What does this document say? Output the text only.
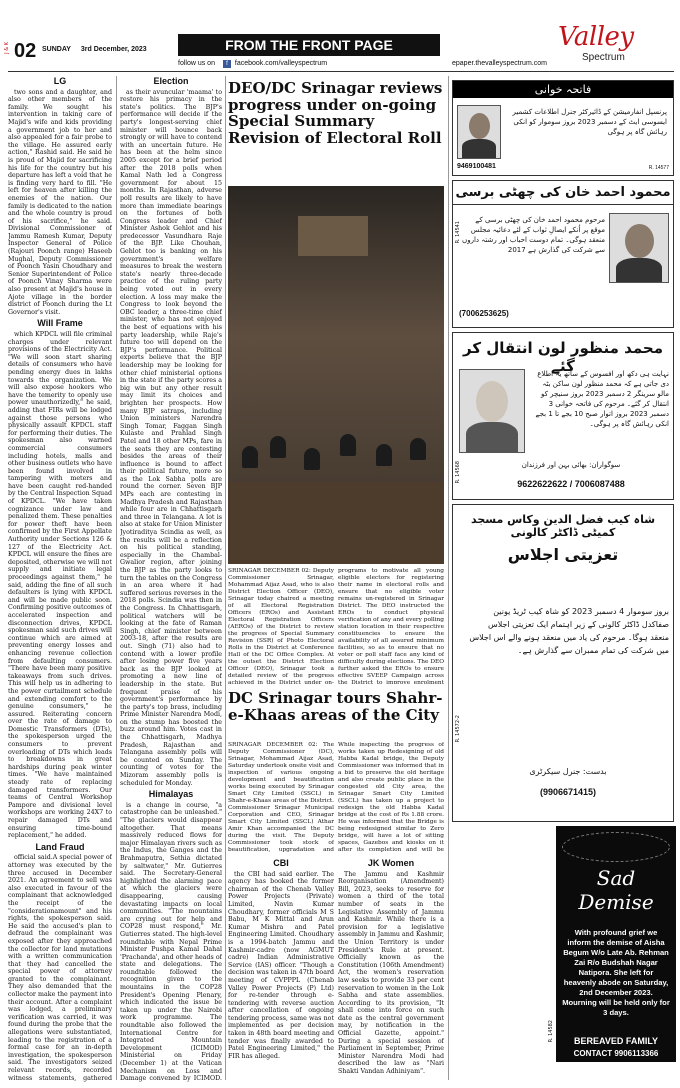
J & K 02 SUNDAY 3rd December, 2023	FROM THE FRONT PAGE
follow us on f facebook.com/valleyspectrum	epaper.thevalleyspectrum.com
Valley
Spectrum
LG

two sons and a daughter, and also other members of the family. We sought his intervention in taking care of Majid's wife and kids providing a government job to her and also appealed for a fair probe to the village. He assured early action," Rashid said. He said he is proud of Majid for sacrificing his life for the country but his departure has left a void that he is finding very hard to fill. "He left for heaven after killing the enemies of the nation. Our family is dedicated to the nation and the whole country is proud of his sacrifice," he said. Divisional Commissioner of Jammu Ramesh Kumar, Deputy Inspector General of Police (Rajouri Poonch range) Haseeb Mughal, Deputy Commissioner of Poonch Yasin Choudhary and Senior Superintendent of Police of Poonch Vinay Sharma were also present at Majid's house in Ajote village in the border district of Poonch during the Lt Governor's visit.

Will Frame

which KPDCL will file criminal charges under relevant provisions of the Electricity Act. "We will soon start sharing details of consumers who have pending energy dues in lakhs towards the organization. We will also expose hookers who have the temerity to openly use power unauthorizedly," he said, adding that FIRs will be lodged against those persons who physically assault KPDCL staff for performing their duties. The spokesman also warned commercial consumers including hotels, malls and other business outlets who have been found involved in tampering with meters and have been caught red-handed by the Central Inspection Squad of KPDCL. "We have taken cognizance under law and penalized them. These penalties for power theft have been confirmed by the First Appellate Authority under Sections 126 & 127 of the Electricity Act. KPDCL will ensure the fines are deposited, otherwise we will not supply and initiate legal proceedings against them," he said, adding the fine of all such defaulters is lying with KPDCL and will be made public soon. Confirming positive outcomes of accelerated inspection and disconnection drives, KPDCL spokesman said such drives will continue which are aimed at preventing energy losses and enhancing revenue collection from defaulting consumers. "There have been many positive takeaways from such drives. This will help us in adhering to the power curtailment schedule and extending comfort to the genuine consumers," he assured. Reiterating concern over the rate of damage to Domestic Transformers (DTs), the spokesperson urged the consumers to prevent overloading of DTs which leads to breakdowns in great hardships during peak winter times. "We have maintained steady rate of replacing damaged transformers. Our teams of Central Workshop Pampore and divisional level workshops are working 24X7 to repair damaged DTs and ensuring time-bound replacement," he added.

Land Fraud

official said.A special power of attorney was executed by the three accused in December 2021. An agreement to sell was also executed in favour of the complainant that acknowledged the receipt of the "considerationamount" and his rights, the spokesperson said. He said the accused's plan to defraud the complainant was exposed after they approached the collector for land mutations with a written communication that they had cancelled the special power of attorney granted to the complainant. They also demanded that the collector make the payment into their account. After a complaint was lodged, a preliminary verification was carried, it was found during the probe that the allegations were substantiated, leading to the registration of a formal case for an in-depth investigation, the spokesperson said. The investigators seized relevant records, recorded witness statements, gathered

Election

as their avuncular 'maama' to restore his primacy in the state's politics. The BJP's performance will decide if the party's longest-serving chief minister will bounce back strongly or will have to contend with an uncertain future. He has been at the helm since 2005 except for a brief period after the 2018 polls when Kamal Nath led a Congress government for about 15 months. In Rajasthan, adverse poll results are likely to have more than immediate bearings on the fortunes of both Congress leader and Chief Minister Ashok Gehlot and his predecessor Vasundhara Raje of the BJP. Like Chouhan, Gehlot too is banking on his government's welfare measures to break the western state's nearly three-decade practice of the ruling party being voted out in every election. A loss may make the Congress to look beyond the OBC leader, a three-time chief minister, who has not enjoyed the best of equations with his party leadership, while Raje's future too will depend on the BJP's performance. Political experts believe that the BJP leadership may be looking for other chief ministerial options in the state if the party scores a big win but any other result may limit its choices and brighten her prospects. How many BJP satraps, including Union ministers Narendra Singh Tomar, Faggan Singh Kulaste and Prahlad Singh Patel and 18 other MPs, fare in the seats they are contesting besides the areas of their influence is bound to affect their political future, more so as the Lok Sabha polls are round the corner. Seven BJP MPs each are contesting in Madhya Pradesh and Rajasthan while four are in Chhattisgarh and three in Telangana. A lot is also at stake for Union Minister Jyotiraditya Scindia as well, as the results will be a reflection on his political standing, especially in the Chambal-Gwalior region, after joining the BJP as the party looks to turn the tables on the Congress in an area where it had suffered serious reverses in the 2018 polls. Scindia was then in the Congress. In Chhattisgarh, political watchers will be looking at the fate of Raman Singh, chief minister between 2003-18, after the results are out. Singh (71) also had to contend with a lower profile after losing power five years back as the BJP looked at promoting a new line of leadership in the state. But frequent praise of his government's performance by the party's top brass, including Prime Minister Narendra Modi, on the stump has boosted the buzz around him. Votes cast in the Chhattisgarh, Madhya Pradesh, Rajasthan and Telangana assembly polls will be counted on Sunday. The counting of votes for the Mizoram assembly polls is scheduled for Monday.

Himalayas

is a change in course, "a catastrophe can be unleashed." "The glaciers would disappear altogether. That means massively reduced flows for major Himalayan rivers such as the Indus, the Ganges and the Brahmaputra, Sethia dictated by saltwater," Mr. Gutierres said. The Secretary-General highlighted the alarming pace at which the glaciers were disappearing, causing devastating impacts on local communities. "The mountains are crying out for help and COP28 must respond," Mr. Gutierres stated. The high-level roundtable with Nepal Prime Minister Pushpa Kamal Dahal 'Prachanda', and other heads of state and delegations. The roundtable followed the recognition given to the mountains in the COP28 President's Opening Plenary, which indicated the issue be taken up under the Nairobi work programme. The roundtable also followed the International Centre for Integrated Mountain Development (ICIMOD) Ministerial on Friday (December 1) at the Vatican Mechanism on Loss and Damage convened by ICIMOD.

DEO/DC Srinagar reviews progress under on-going Special Summary Revision of Electoral Roll
SRINAGAR DECEMBER 02: Deputy Commissioner Srinagar, Mohammad Aijaz Asad, who is also District Election Officer (DEO), Srinagar today chaired a meeting of all Electoral Registration Officers (EROs) and Assistant Electoral Registration Officers (AEROs) of the District to review the progress of Special Summary Revision (SSR) of Photo Electoral Rolls in the District at Conference Hall of the DC Office Complex. At the outset the District Election Officer (DEO), Srinagar took a detailed review of the progress achieved in the District under on-
programs to motivate all young eligible electors for registering their name in electoral rolls and ensure that no eligible voter remains un-registered in Srinagar District. The DEO instructed the EROs to conduct physical verification of any and every polling station location in their respective constituencies to ensure the availability of all assured minimum facilities, so as to ensure that no voter or poll staff face any kind of difficulty during elections. The DEO further asked the EROs to ensure effective SVEEP Campaign across the District to improve enrolment
DC Srinagar tours Shahr-e-Khaas areas of the City
SRINAGAR DECEMBER 02: The Deputy Commissioner (DC), Srinagar, Mohammad Aijaz Asad, Saturday undertook onsite visit and inspection of various ongoing development and beautification works being executed by Srinagar Smart City Limited (SSCL) in Shahr-e-Khaas areas of the District. Commissioner Srinagar Municipal Corporation and CEO, Srinagar Smart City Limited (SSCL) Athar Amir Khan accompanied the DC during the visit. The Deputy Commissioner took stock of beautification, upgradation and
While inspecting the progress of works taken up Redesigning of old Habba Kadal bridge, the Deputy Commissioner was informed that in a bid to preserve the old heritage and also create public place in the congested old City area, the Srinagar Smart City Limited (SSCL) has taken up a project to redesign the old Habba Kadal bridge at the cost of Rs 1.88 crore. He was informed that the Bridge is being redesigned similar to Zero bridge, will have a lot of sitting spaces, Gazebos and kiosks on it after its completion and will be
CBI

the CBI had said earlier. The agency has booked the former chairman of the Chenab Valley Power Projects (Private) Limited, Navin Kumar Choudhary, former officials M S Babu, M K Mittal and Arun Kumar Mishra and Patel Engineering Limited. Choudhary is a 1994-batch Jammu and Kashmir-cadre (now AGMUT cadre) Indian Administrative Service (IAS) officer. "Though a decision was taken in 47th board meeting of CVPPPL (Chenab Valley Power Projects (P) Ltd) for re-tender through e-tendering with reverse auction after cancellation of ongoing tendering process, same was not implemented as per decision taken in 48th board meeting and tender was finally awarded to Patel Engineering Limited," the FIR has alleged.

JK Women

The Jammu and Kashmir Reorganisation (Amendment) Bill, 2023, seeks to reserve for women a third of the total number of seats in the Legislative Assembly of Jammu and Kashmir. While there is a provision for a legislative assembly in Jammu and Kashmir, the Union Territory is under President's Rule at present. Officially known as the Constitution (106th Amendment) Act, the women's reservation law seeks to provide 33 per cent reservation to women in the Lok Sabha and state assemblies. According to its provision, "It shall come into force on such date as the central government may, by notification in the Official Gazette, appoint." During a special session of Parliament in September, Prime Minister Narendra Modi had described the law as "Nari Shakti Vandan Adhiniyam".

فاتحہ خوانی
پرنسپل انفارمیشن کے ڈائیرکٹر جنرل اطلاعات کشمیر ایسوسی ایٹ کے دسمبر 2023 بروز سوموار کو انکی رہائش گاہ پر ہوگی
9469100481	R. 14577
محمود احمد خان کی چھٹی برسی
مرحوم محمود احمد خان کی چھٹی برسی کے موقع پر اُنکے ایصالِ ثواب کے لئے دعائیہ مجلس منعقد ہوگی۔ تمام دوست احباب اور رشتہ داروں سے شرکت کی گذارش ہے 2017
(7006253625)
R. 14541
محمد منظور لون انتقال کر گئے
نہایت ہی دکھ اور افسوس کے ساتھ یہ اطلاع دی جاتی ہے کہ محمد منظور لون ساکن بٹہ مالو سرینگر 2 دسمبر 2023 بروز سنیچر کو انتقال کر گئے۔ مرحوم کی فاتحہ خوانی 3 دسمبر 2023 بروز اتوار صبح 10 بجے تا 1 بجے انکی رہائش گاہ پر ہوگی۔
سوگواران: بھائی بہن اور فرزندان
9622622622 / 7006087488
R. 14568
شاہ کیب فضل الدین وکاس مسجد کمیٹی ڈاکٹر کالونی
تعزیتی اجلاس
بروز سوموار 4 دسمبر 2023 کو شاہ کیب ٹریڈ یونین صفاکدل ڈاکٹر کالونی کے زیر اہتمام ایک تعزیتی اجلاس منعقد ہوگا۔ مرحوم کی یاد میں منعقد ہونے والے اس اجلاس میں شرکت کی تمام ممبران سے گذارش ہے۔
بدست: جنرل سیکرٹری
(9906671415)
R. 14572-2
Sad Demise
With profound grief we inform the demise of Aisha Begum W/o Late Ab. Rehman Zai R/o Budshah Nagar Natipora. She left for heavenly abode on Saturday, 2nd December 2023. Mourning will be held only for 3 days.
BEREAVED FAMILY
CONTACT 9906113366
R. 14582
